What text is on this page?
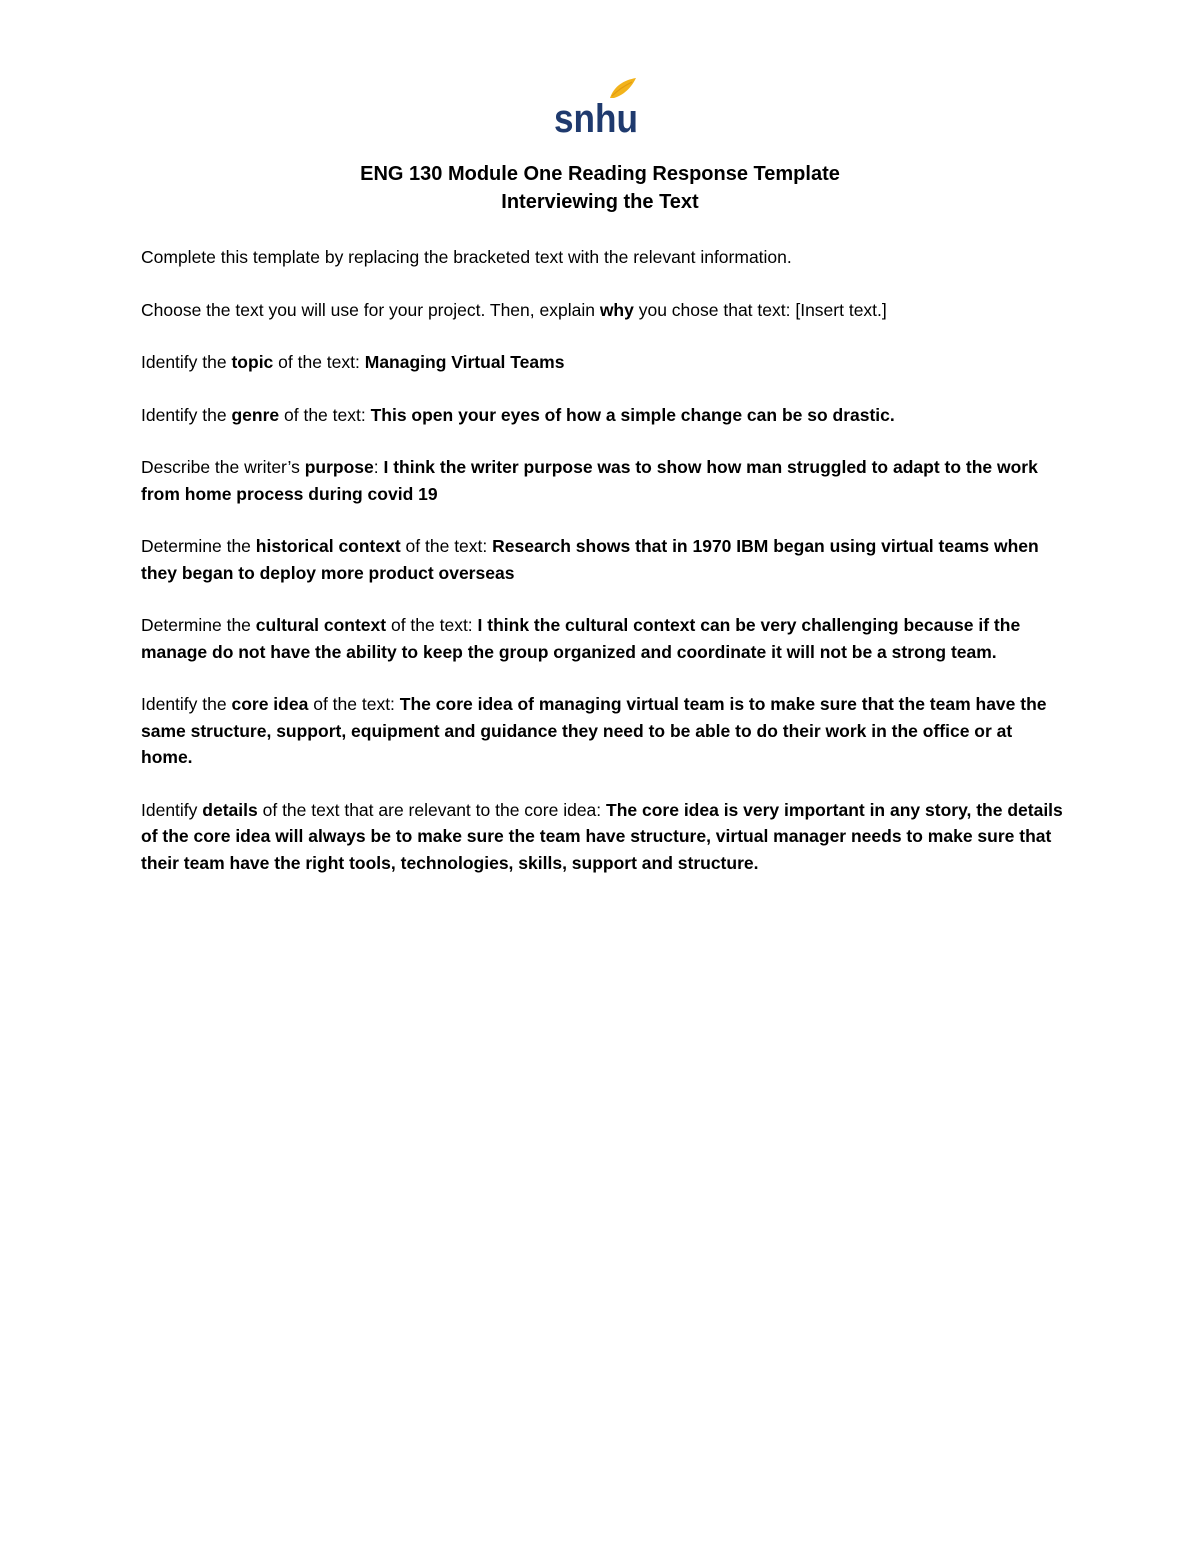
snhu
ENG 130 Module One Reading Response Template
Interviewing the Text

Complete this template by replacing the bracketed text with the relevant information.

Choose the text you will use for your project. Then, explain why you chose that text: [Insert text.]

Identify the topic of the text: Managing Virtual Teams

Identify the genre of the text: This open your eyes of how a simple change can be so drastic.

Describe the writer’s purpose: I think the writer purpose was to show how man struggled to adapt to the work from home process during covid 19

Determine the historical context of the text: Research shows that in 1970 IBM began using virtual teams when they began to deploy more product overseas

Determine the cultural context of the text: I think the cultural context can be very challenging because if the manage do not have the ability to keep the group organized and coordinate it will not be a strong team.

Identify the core idea of the text: The core idea of managing virtual team is to make sure that the team have the same structure, support, equipment and guidance they need to be able to do their work in the office or at home.

Identify details of the text that are relevant to the core idea: The core idea is very important in any story, the details of the core idea will always be to make sure the team have structure, virtual manager needs to make sure that their team have the right tools, technologies, skills, support and structure.
